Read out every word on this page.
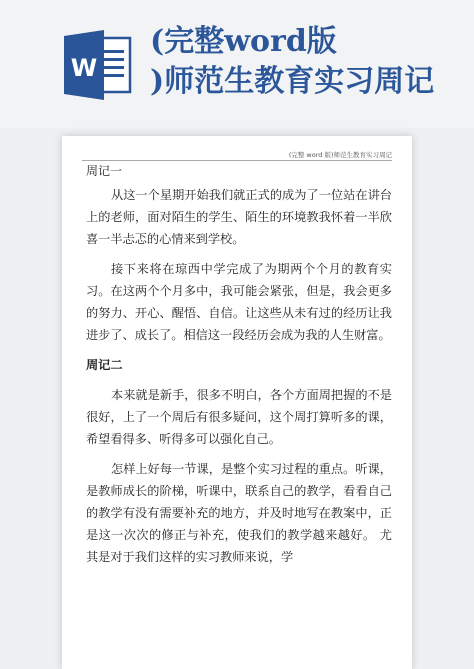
W
(完整word版
)师范生教育实习周记
(完整 word 版)师范生教育实习周记

周记一

从这一个星期开始我们就正式的成为了一位站在讲台上的老师，面对陌生的学生、陌生的环境教我怀着一半欣喜一半忐忑的心情来到学校。

接下来将在琼西中学完成了为期两个个月的教育实习。在这两个个月多中，我可能会紧张，但是，我会更多的努力、开心、醒悟、自信。让这些从未有过的经历让我进步了、成长了。相信这一段经历会成为我的人生财富。

周记二

本来就是新手，很多不明白，各个方面周把握的不是很好，上了一个周后有很多疑问，这个周打算听多的课，希望看得多、听得多可以强化自己。

怎样上好每一节课，是整个实习过程的重点。听课，是教师成长的阶梯，听课中，联系自己的教学，看看自己的教学有没有需要补充的地方，并及时地写在教案中，正是这一次次的修正与补充，使我们的教学越来越好。 尤其是对于我们这样的实习教师来说，学
